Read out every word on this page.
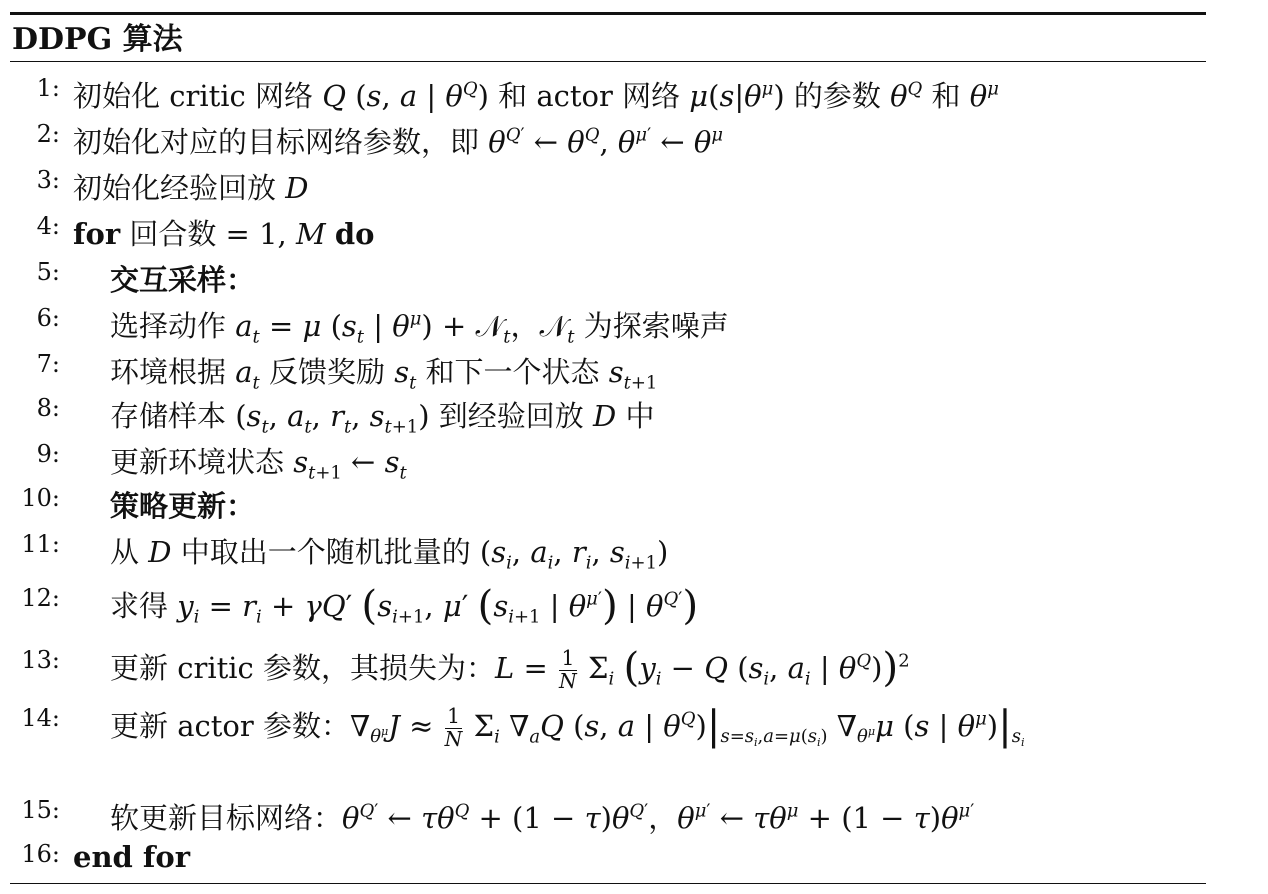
DDPG 算法
1: 初始化 critic 网络 Q (s, a | $\theta^Q$) 和 actor 网络 $\mu(s|\theta^\mu)$ 的参数 $\theta^Q$ 和 $\theta^\mu$
2: 初始化对应的目标网络参数，即 $\theta^{Q'}$ ← $\theta^Q$, $\theta^{\mu'}$ ← $\theta^\mu$
3: 初始化经验回放 D
4: for 回合数 = 1, M do
5: 交互采样：
6: 选择动作 $a_t = \mu$ ($s_t$ | $\theta^\mu$) + 𝒩$_t$，𝒩$_t$ 为探索噪声
7: 环境根据 $a_t$ 反馈奖励 $s_t$ 和下一个状态 $s_{t+1}$
8: 存储样本 ($s_t$, $a_t$, $r_t$, $s_{t+1}$) 到经验回放 D 中
9: 更新环境状态 $s_{t+1}$ ← $s_t$
10: 策略更新：
11: 从 D 中取出一个随机批量的 ($s_i$, $a_i$, $r_i$, $s_{i+1}$)
12: 求得 $y_i = r_i + \gamma Q'$ ($s_{i+1}$, μ′ ($s_{i+1}$ | $\theta^{\mu'}$) | $\theta^{Q'}$)
13: 更新 critic 参数，其损失为：$L = \frac{1}{N} \Sigma_i$ ($y_i - Q$ ($s_i$, $a_i$ | $\theta^Q))^2$
14: 更新 actor 参数：$\nabla_{\theta^\mu}J \approx \frac{1}{N} \Sigma_i$ $\nabla_aQ$ (s, a | $\theta^Q)|_{s=s_i,a=\mu(s_i)}$ $\nabla_{\theta^\mu}\mu$ (s | $\theta^\mu)|_{s_i}$
15: 软更新目标网络：$\theta^{Q'}$ ← $\tau\theta^Q + (1 - \tau)\theta^{Q'}$，$\theta^{\mu'}$ ← $\tau\theta^\mu + (1 - \tau)\theta^{\mu'}$
16: end for
